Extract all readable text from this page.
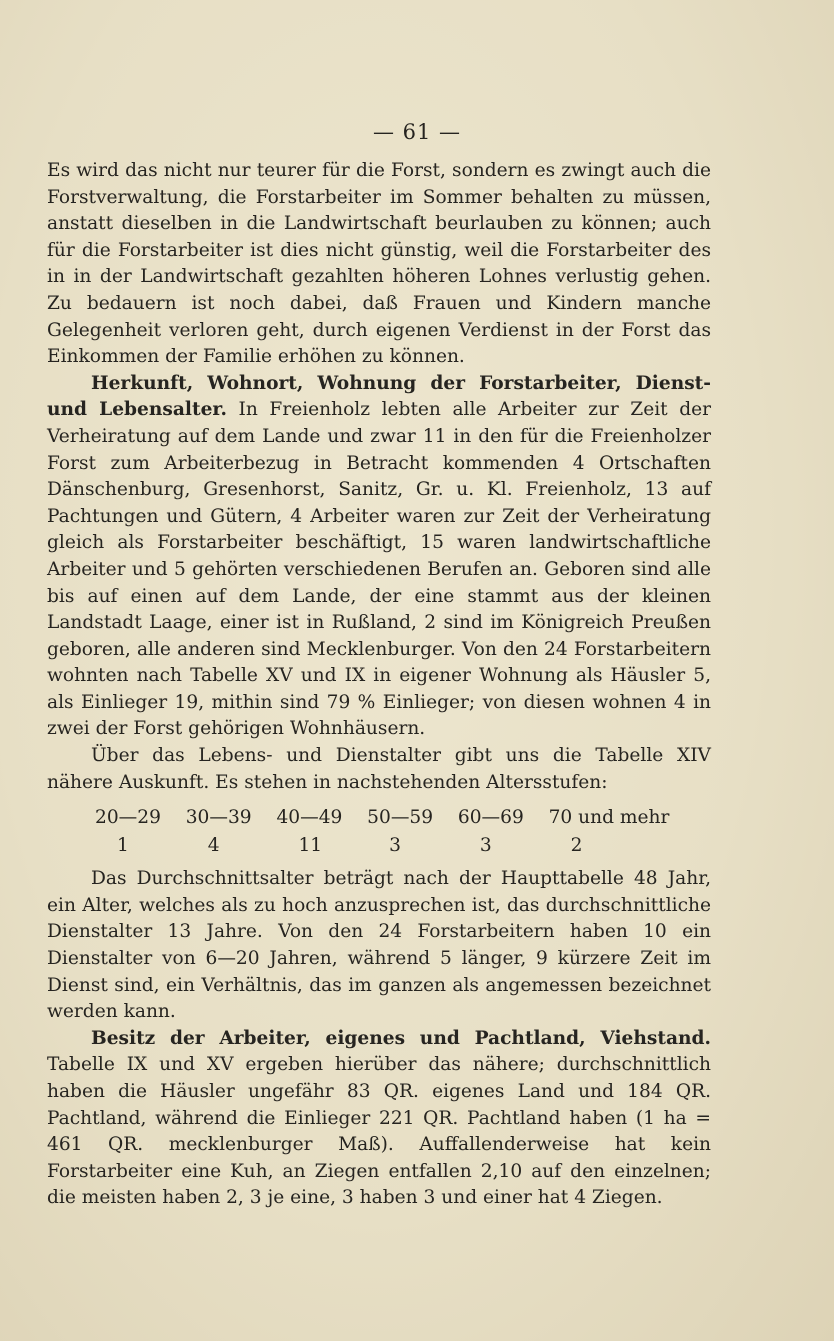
— 61 —

Es wird das nicht nur teurer für die Forst, sondern es zwingt auch die Forstverwaltung, die Forstarbeiter im Sommer behalten zu müssen, anstatt dieselben in die Landwirtschaft beurlauben zu können; auch für die Forstarbeiter ist dies nicht günstig, weil die Forstarbeiter des in in der Landwirtschaft gezahlten höheren Lohnes verlustig gehen. Zu bedauern ist noch dabei, daß Frauen und Kindern manche Gelegenheit verloren geht, durch eigenen Verdienst in der Forst das Einkommen der Familie erhöhen zu können.

Herkunft, Wohnort, Wohnung der Forstarbeiter, Dienst- und Lebensalter. In Freienholz lebten alle Arbeiter zur Zeit der Verheiratung auf dem Lande und zwar 11 in den für die Freienholzer Forst zum Arbeiterbezug in Betracht kommenden 4 Ortschaften Dänschenburg, Gresenhorst, Sanitz, Gr. u. Kl. Freienholz, 13 auf Pachtungen und Gütern, 4 Arbeiter waren zur Zeit der Verheiratung gleich als Forstarbeiter beschäftigt, 15 waren landwirtschaftliche Arbeiter und 5 gehörten verschiedenen Berufen an. Geboren sind alle bis auf einen auf dem Lande, der eine stammt aus der kleinen Landstadt Laage, einer ist in Rußland, 2 sind im Königreich Preußen geboren, alle anderen sind Mecklenburger. Von den 24 Forstarbeitern wohnten nach Tabelle XV und IX in eigener Wohnung als Häusler 5, als Einlieger 19, mithin sind 79 % Einlieger; von diesen wohnen 4 in zwei der Forst gehörigen Wohnhäusern.

Über das Lebens- und Dienstalter gibt uns die Tabelle XIV nähere Auskunft. Es stehen in nachstehenden Altersstufen:

20—29	30—39	40—49	50—59	60—69	70 und mehr
1	4	11	3	3	2

Das Durchschnittsalter beträgt nach der Haupttabelle 48 Jahr, ein Alter, welches als zu hoch anzusprechen ist, das durchschnittliche Dienstalter 13 Jahre. Von den 24 Forstarbeitern haben 10 ein Dienstalter von 6—20 Jahren, während 5 länger, 9 kürzere Zeit im Dienst sind, ein Verhältnis, das im ganzen als angemessen bezeichnet werden kann.

Besitz der Arbeiter, eigenes und Pachtland, Viehstand. Tabelle IX und XV ergeben hierüber das nähere; durchschnittlich haben die Häusler ungefähr 83 QR. eigenes Land und 184 QR. Pachtland, während die Einlieger 221 QR. Pachtland haben (1 ha = 461 QR. mecklenburger Maß). Auffallenderweise hat kein Forstarbeiter eine Kuh, an Ziegen entfallen 2,10 auf den einzelnen; die meisten haben 2, 3 je eine, 3 haben 3 und einer hat 4 Ziegen.
